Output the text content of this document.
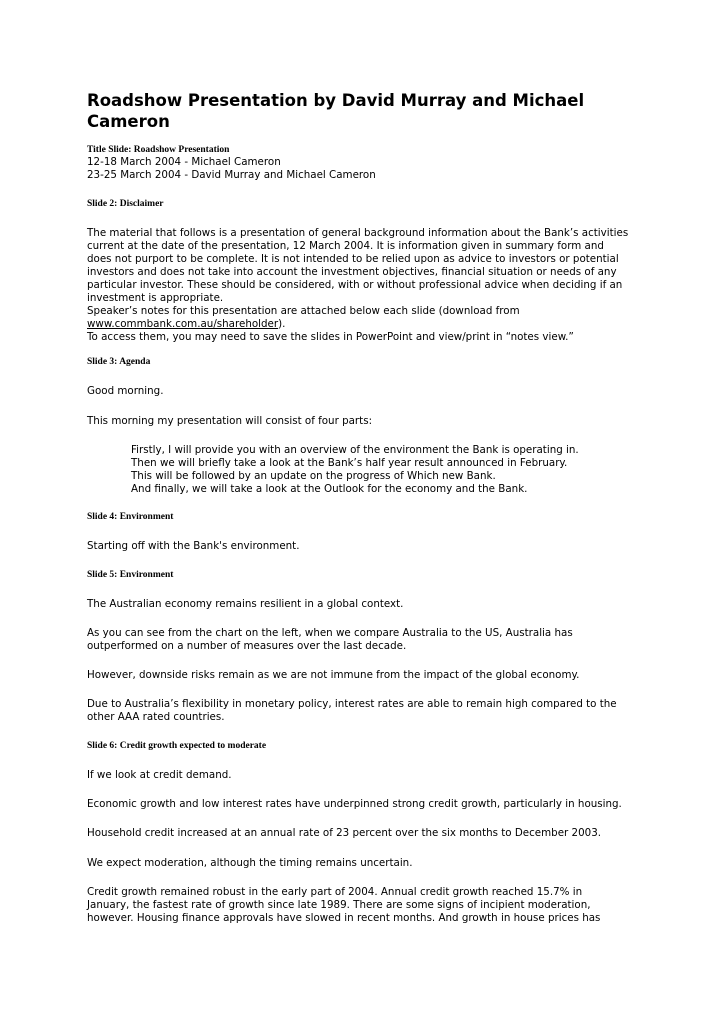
Roadshow Presentation by David Murray and Michael
Cameron

Title Slide: Roadshow Presentation

12-18 March 2004 - Michael Cameron
23-25 March 2004 - David Murray and Michael Cameron

Slide 2: Disclaimer

The material that follows is a presentation of general background information about the Bank’s activities
current at the date of the presentation, 12 March 2004. It is information given in summary form and
does not purport to be complete. It is not intended to be relied upon as advice to investors or potential
investors and does not take into account the investment objectives, financial situation or needs of any
particular investor. These should be considered, with or without professional advice when deciding if an
investment is appropriate.
Speaker’s notes for this presentation are attached below each slide (download from
www.commbank.com.au/shareholder).
To access them, you may need to save the slides in PowerPoint and view/print in “notes view.”

Slide 3: Agenda

Good morning.

This morning my presentation will consist of four parts:

Firstly, I will provide you with an overview of the environment the Bank is operating in.
Then we will briefly take a look at the Bank’s half year result announced in February.
This will be followed by an update on the progress of Which new Bank.
And finally, we will take a look at the Outlook for the economy and the Bank.

Slide 4: Environment

Starting off with the Bank's environment.

Slide 5: Environment

The Australian economy remains resilient in a global context.

As you can see from the chart on the left, when we compare Australia to the US, Australia has
outperformed on a number of measures over the last decade.

However, downside risks remain as we are not immune from the impact of the global economy.

Due to Australia’s flexibility in monetary policy, interest rates are able to remain high compared to the
other AAA rated countries.

Slide 6: Credit growth expected to moderate

If we look at credit demand.

Economic growth and low interest rates have underpinned strong credit growth, particularly in housing.

Household credit increased at an annual rate of 23 percent over the six months to December 2003.

We expect moderation, although the timing remains uncertain.

Credit growth remained robust in the early part of 2004. Annual credit growth reached 15.7% in
January, the fastest rate of growth since late 1989. There are some signs of incipient moderation,
however. Housing finance approvals have slowed in recent months. And growth in house prices has
